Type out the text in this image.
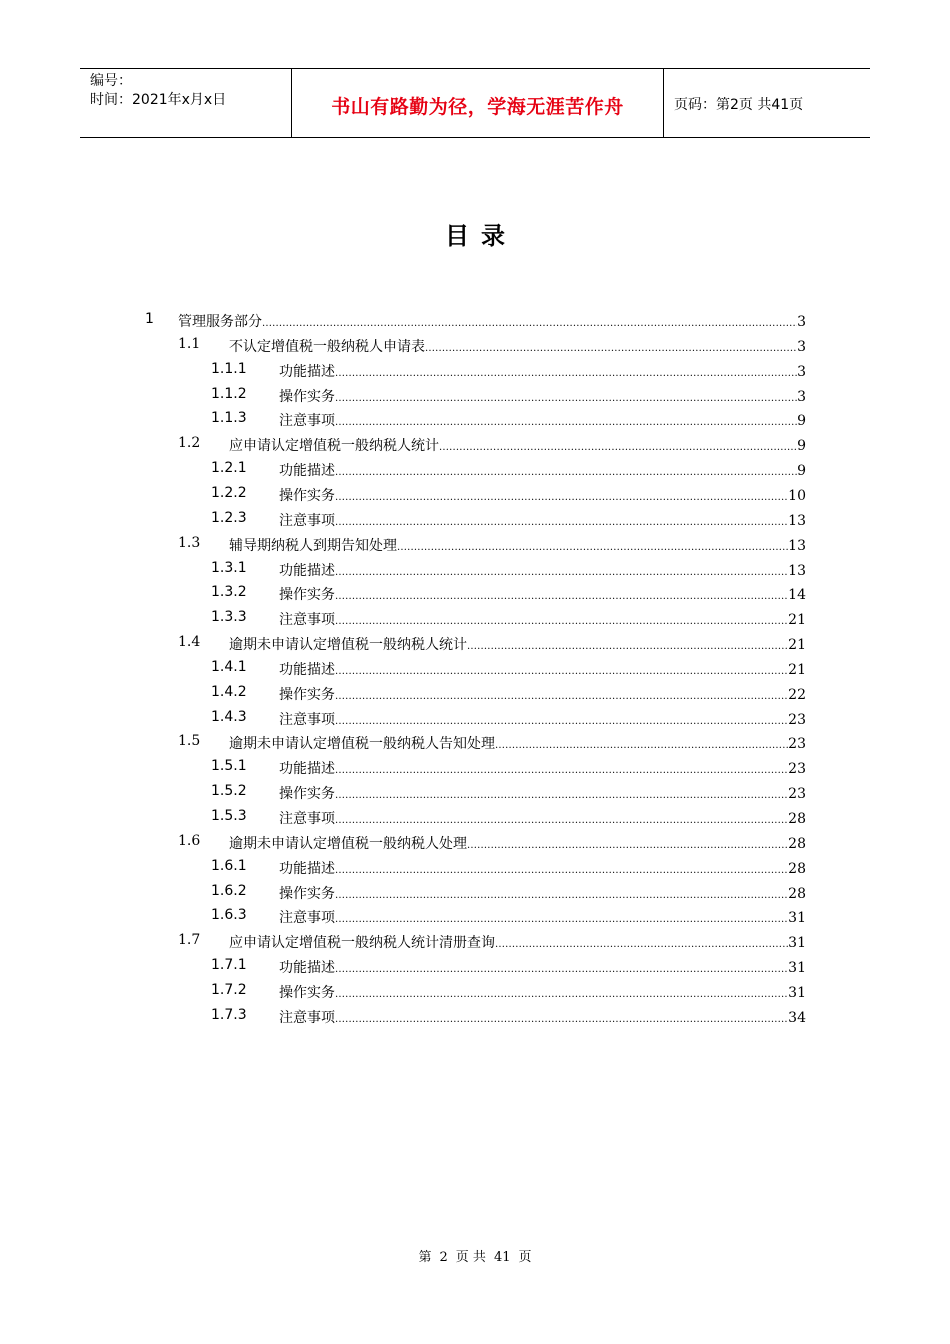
编号：
时间：2021年x月x日	书山有路勤为径，学海无涯苦作舟	页码：第2页 共41页
目录
1 管理服务部分 .....	3
1.1 不认定增值税一般纳税人申请表 .....	3
1.1.1 功能描述 .....	3
1.1.2 操作实务 .....	3
1.1.3 注意事项 .....	9
1.2 应申请认定增值税一般纳税人统计 .....	9
1.2.1 功能描述 .....	9
1.2.2 操作实务 .....	10
1.2.3 注意事项 .....	13
1.3 辅导期纳税人到期告知处理 .....	13
1.3.1 功能描述 .....	13
1.3.2 操作实务 .....	14
1.3.3 注意事项 .....	21
1.4 逾期未申请认定增值税一般纳税人统计 .....	21
1.4.1 功能描述 .....	21
1.4.2 操作实务 .....	22
1.4.3 注意事项 .....	23
1.5 逾期未申请认定增值税一般纳税人告知处理 .....	23
1.5.1 功能描述 .....	23
1.5.2 操作实务 .....	23
1.5.3 注意事项 .....	28
1.6 逾期未申请认定增值税一般纳税人处理 .....	28
1.6.1 功能描述 .....	28
1.6.2 操作实务 .....	28
1.6.3 注意事项 .....	31
1.7 应申请认定增值税一般纳税人统计清册查询 .....	31
1.7.1 功能描述 .....	31
1.7.2 操作实务 .....	31
1.7.3 注意事项 .....	34
第 2 页 共 41 页
